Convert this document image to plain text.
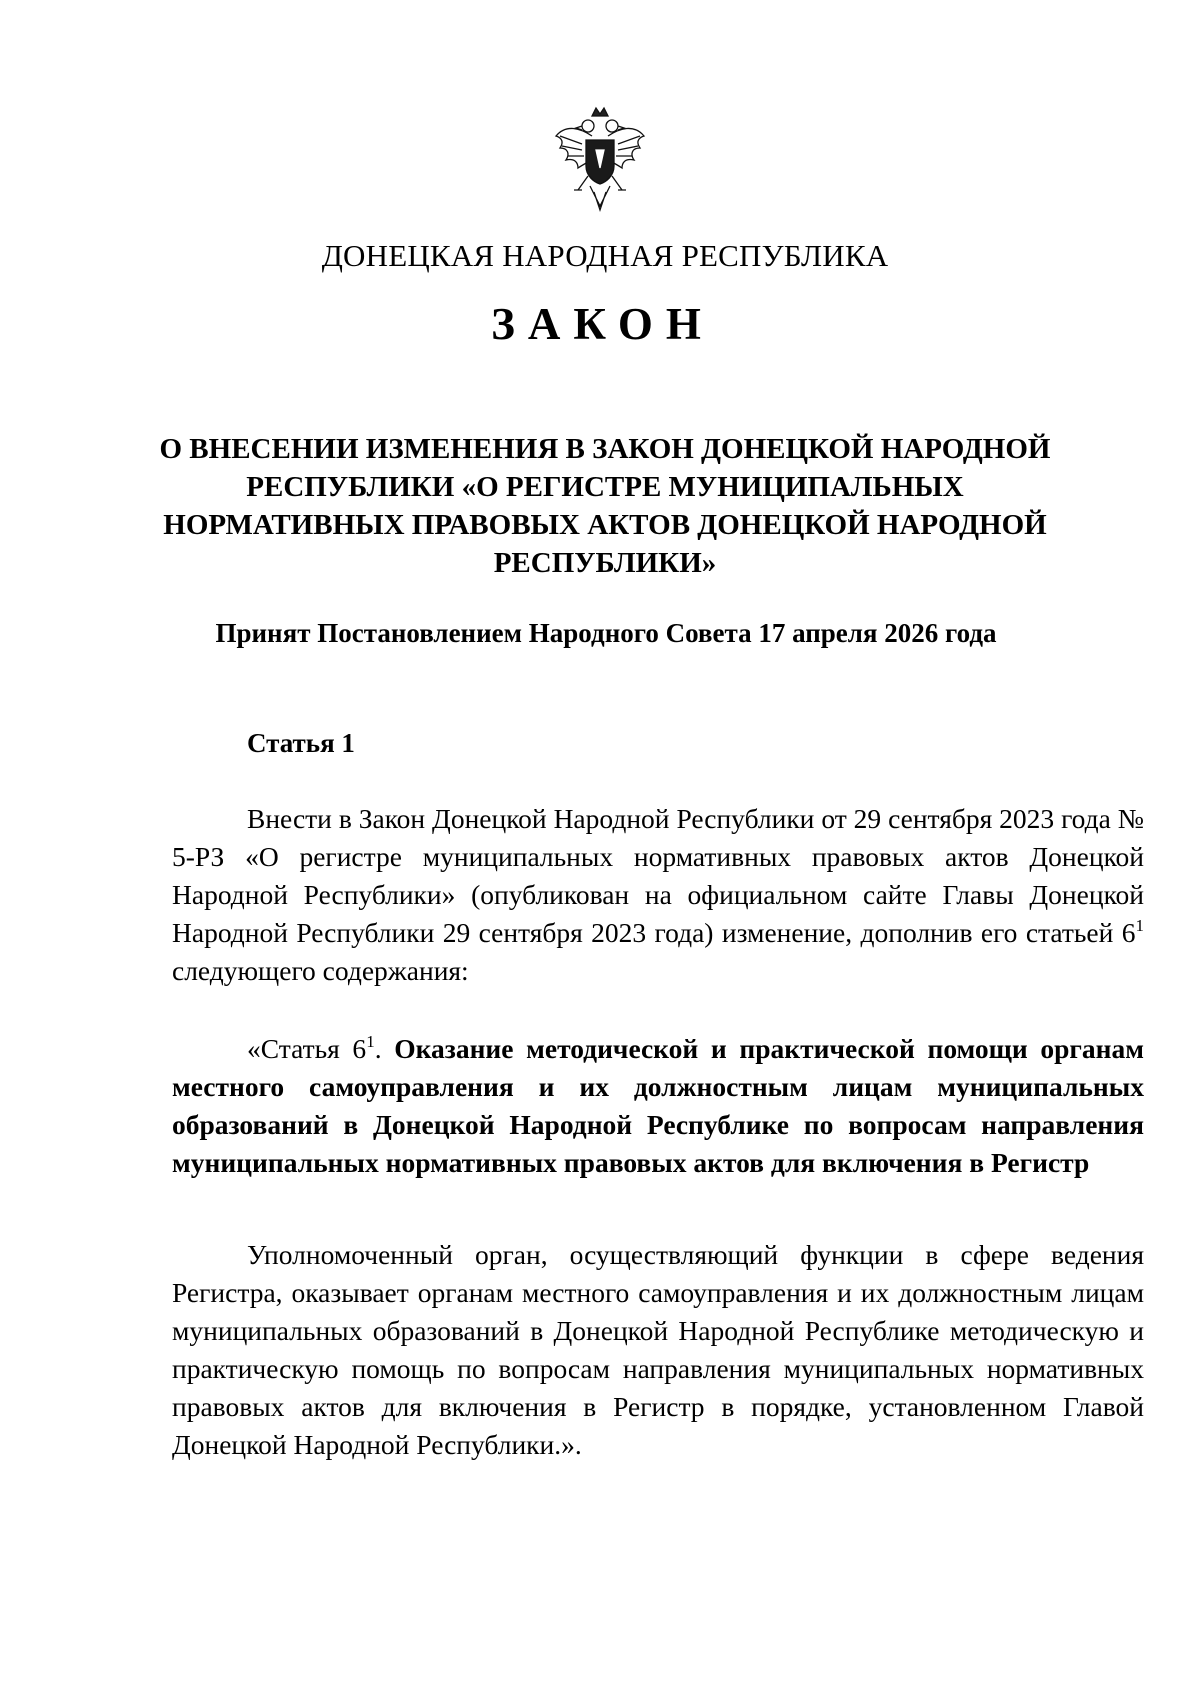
ДОНЕЦКАЯ НАРОДНАЯ РЕСПУБЛИКА
ЗАКОН
О ВНЕСЕНИИ ИЗМЕНЕНИЯ В ЗАКОН ДОНЕЦКОЙ НАРОДНОЙ РЕСПУБЛИКИ «О РЕГИСТРЕ МУНИЦИПАЛЬНЫХ НОРМАТИВНЫХ ПРАВОВЫХ АКТОВ ДОНЕЦКОЙ НАРОДНОЙ РЕСПУБЛИКИ»
Принят Постановлением Народного Совета 17 апреля 2026 года
Статья 1

Внести в Закон Донецкой Народной Республики от 29 сентября 2023 года № 5-РЗ «О регистре муниципальных нормативных правовых актов Донецкой Народной Республики» (опубликован на официальном сайте Главы Донецкой Народной Республики 29 сентября 2023 года) изменение, дополнив его статьей $6^1$ следующего содержания:

«Статья $6^1$. Оказание методической и практической помощи органам местного самоуправления и их должностным лицам муниципальных образований в Донецкой Народной Республике по вопросам направления муниципальных нормативных правовых актов для включения в Регистр

Уполномоченный орган, осуществляющий функции в сфере ведения Регистра, оказывает органам местного самоуправления и их должностным лицам муниципальных образований в Донецкой Народной Республике методическую и практическую помощь по вопросам направления муниципальных нормативных правовых актов для включения в Регистр в порядке, установленном Главой Донецкой Народной Республики.».
